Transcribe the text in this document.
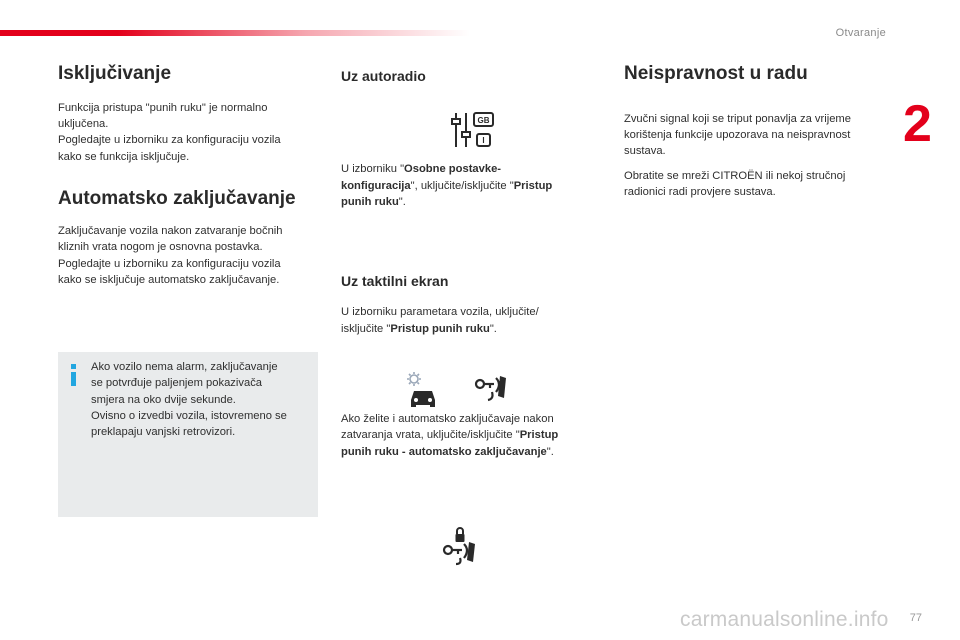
Otvaranje
2
Isključivanje

Funkcija pristupa "punih ruku" je normalno
uključena.
Pogledajte u izborniku za konfiguraciju vozila
kako se funkcija isključuje.

Automatsko zaključavanje

Zaključavanje vozila nakon zatvaranje bočnih
kliznih vrata nogom je osnovna postavka.
Pogledajte u izborniku za konfiguraciju vozila
kako se isključuje automatsko zaključavanje.

Ako vozilo nema alarm, zaključavanje
se potvrđuje paljenjem pokazivača
smjera na oko dvije sekunde.
Ovisno o izvedbi vozila, istovremeno se
preklapaju vanjski retrovizori.

Uz autoradio

U izborniku "Osobne postavke-
konfiguracija", uklјučite/isključite "Pristup
punih ruku".

Uz taktilni ekran

U izborniku parametara vozila, uključite/
isključite "Pristup punih ruku".

Ako želite i automatsko zaključavaje nakon
zatvaranja vrata, uključite/isključite "Pristup
punih ruku - automatsko zaključavanje".

Neispravnost u radu

Zvučni signal koji se triput ponavlja za vrijeme
korištenja funkcije upozorava na neispravnost
sustava.

Obratite se mreži CITROËN ili nekoj stručnoj
radionici radi provjere sustava.

GB
I
carmanualsonline.info 77
